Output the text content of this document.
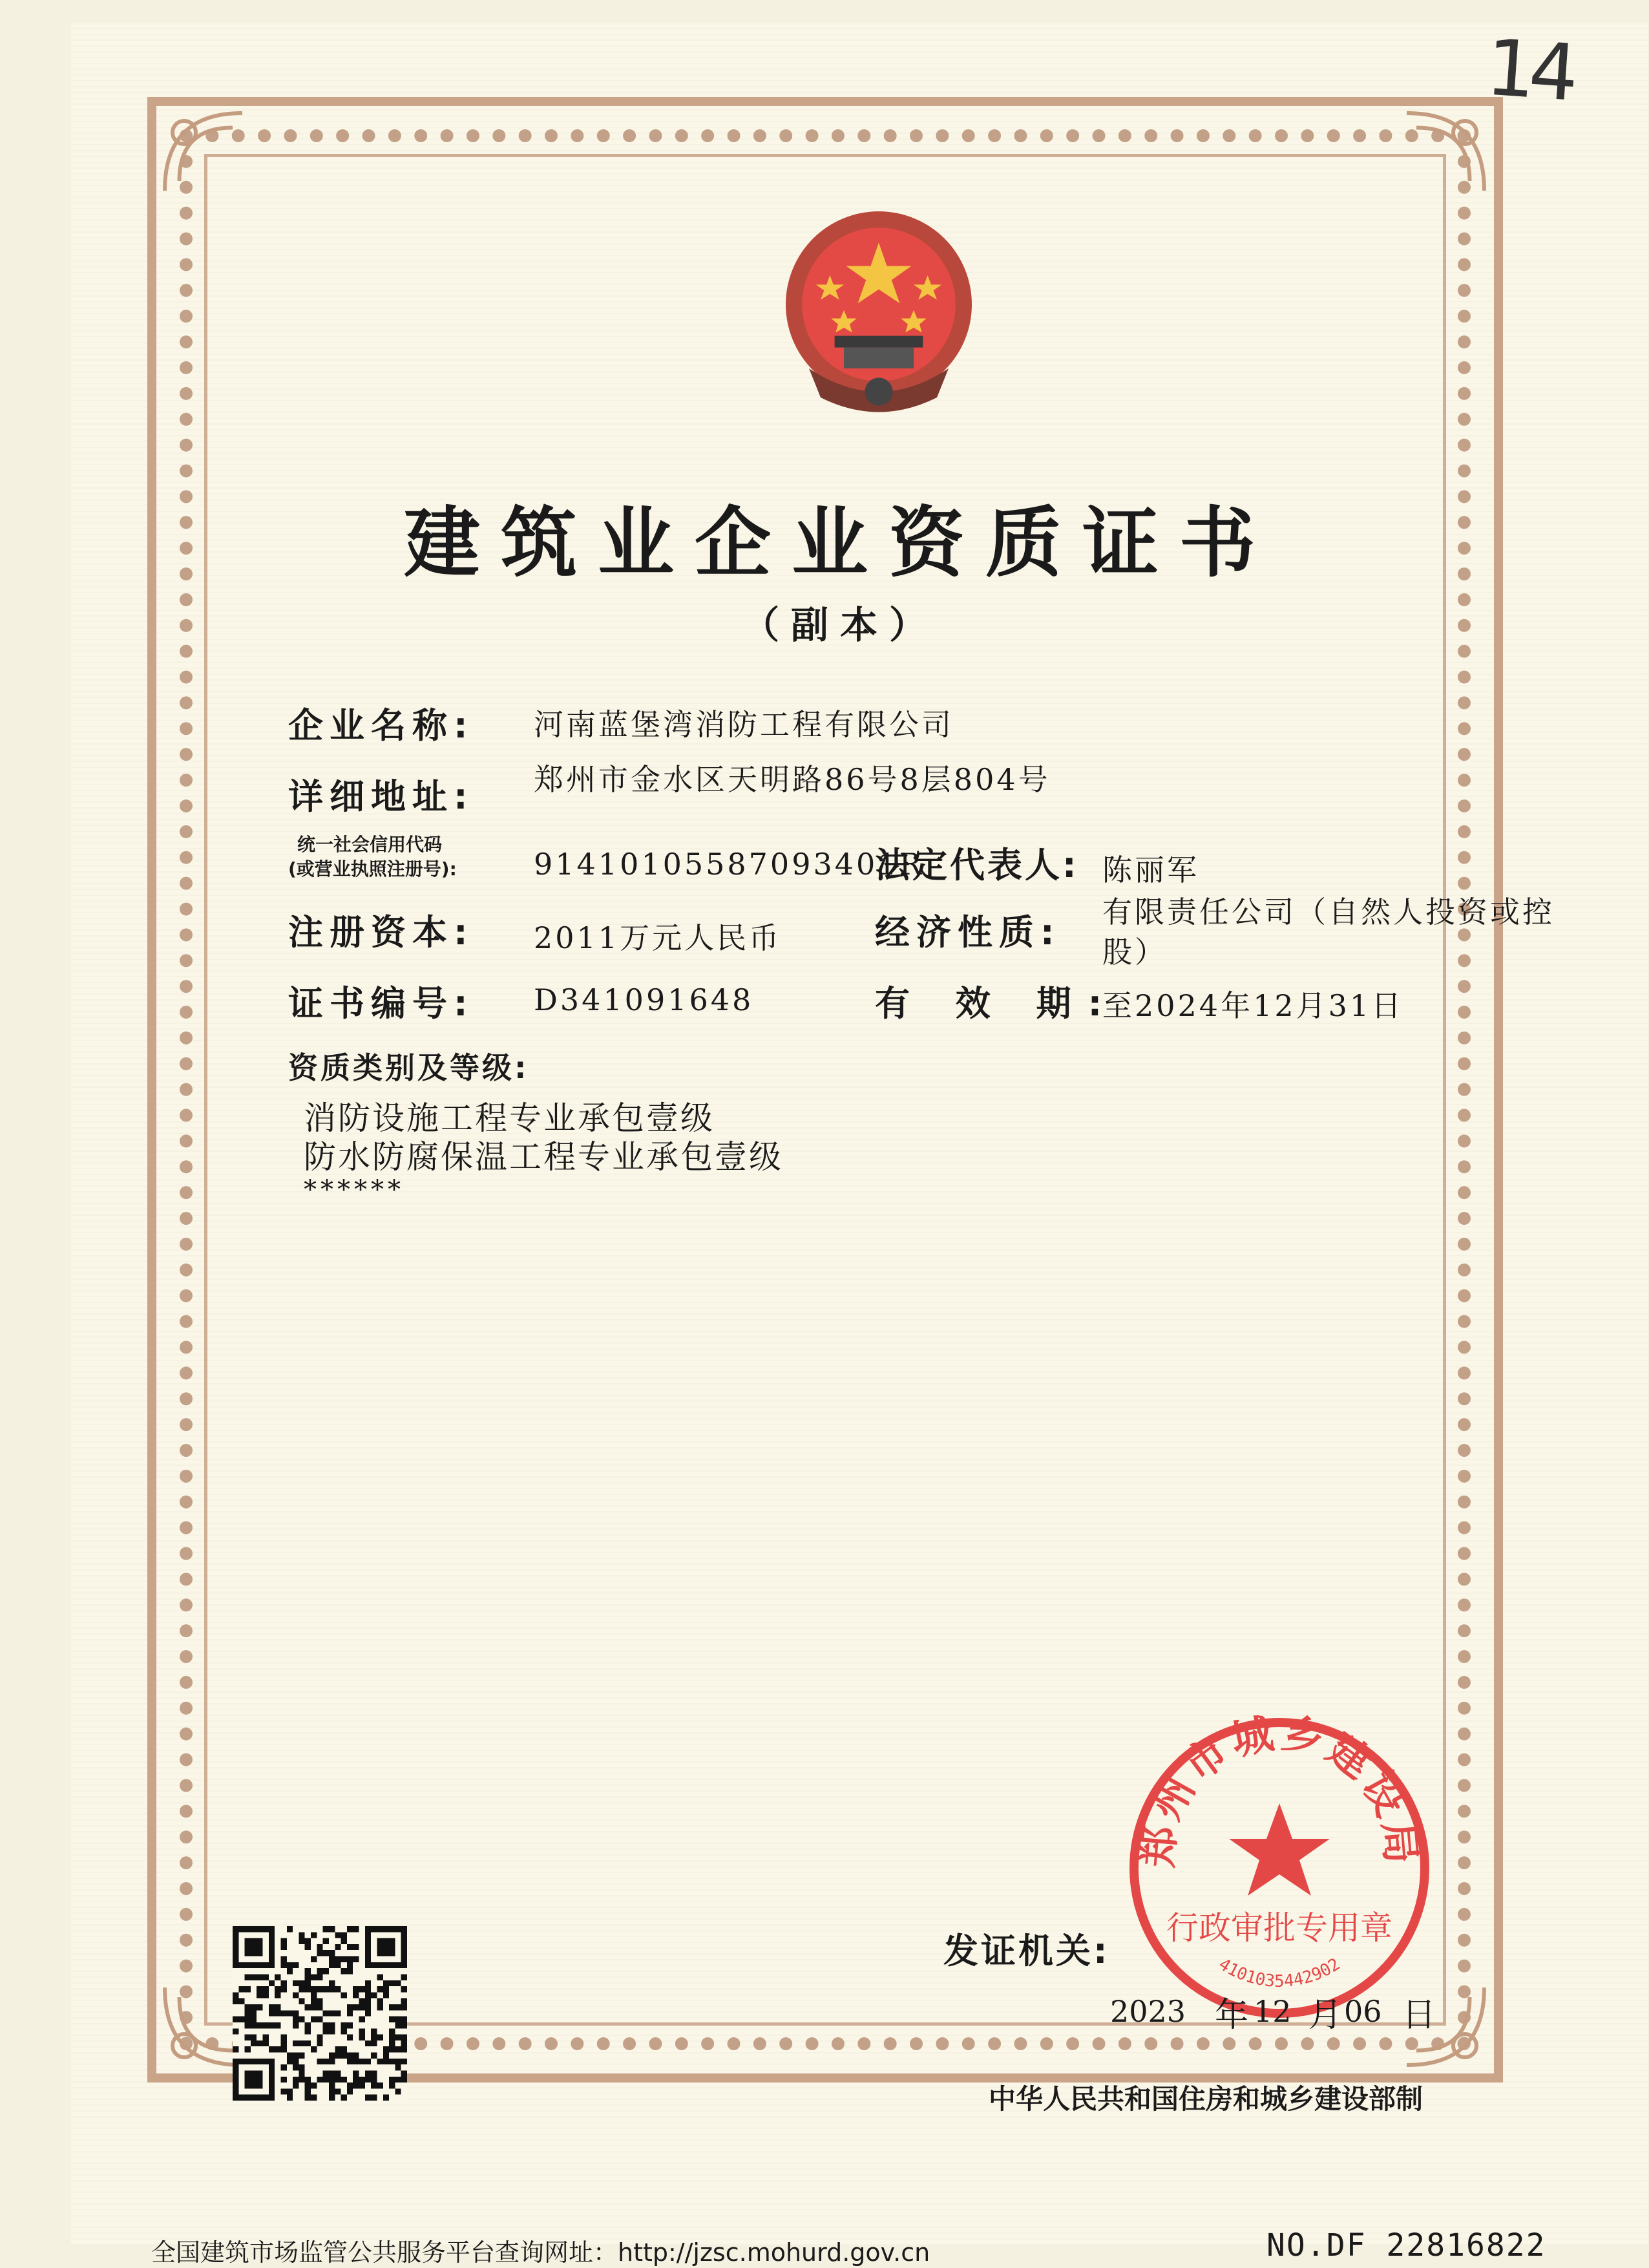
14
建筑业企业资质证书
（副本）
企业名称: 河南蓝堡湾消防工程有限公司
详细地址: 郑州市金水区天明路86号8层804号
统一社会信用代码
(或营业执照注册号):	91410105587093401R
法定代表人: 陈丽军
注册资本: 2011万元人民币	经济性质: 有限责任公司（自然人投资或控股）
证书编号: D341091648	有 效 期:
至2024年12月31日
资质类别及等级:
消防设施工程专业承包壹级
防水防腐保温工程专业承包壹级
******
发证机关:
郑州市城乡建设局
行政审批专用章
4101035442902
2023 年 12 月 06 日
中华人民共和国住房和城乡建设部制
全国建筑市场监管公共服务平台查询网址：http://jzsc.mohurd.gov.cn	NO.DF 22816822
